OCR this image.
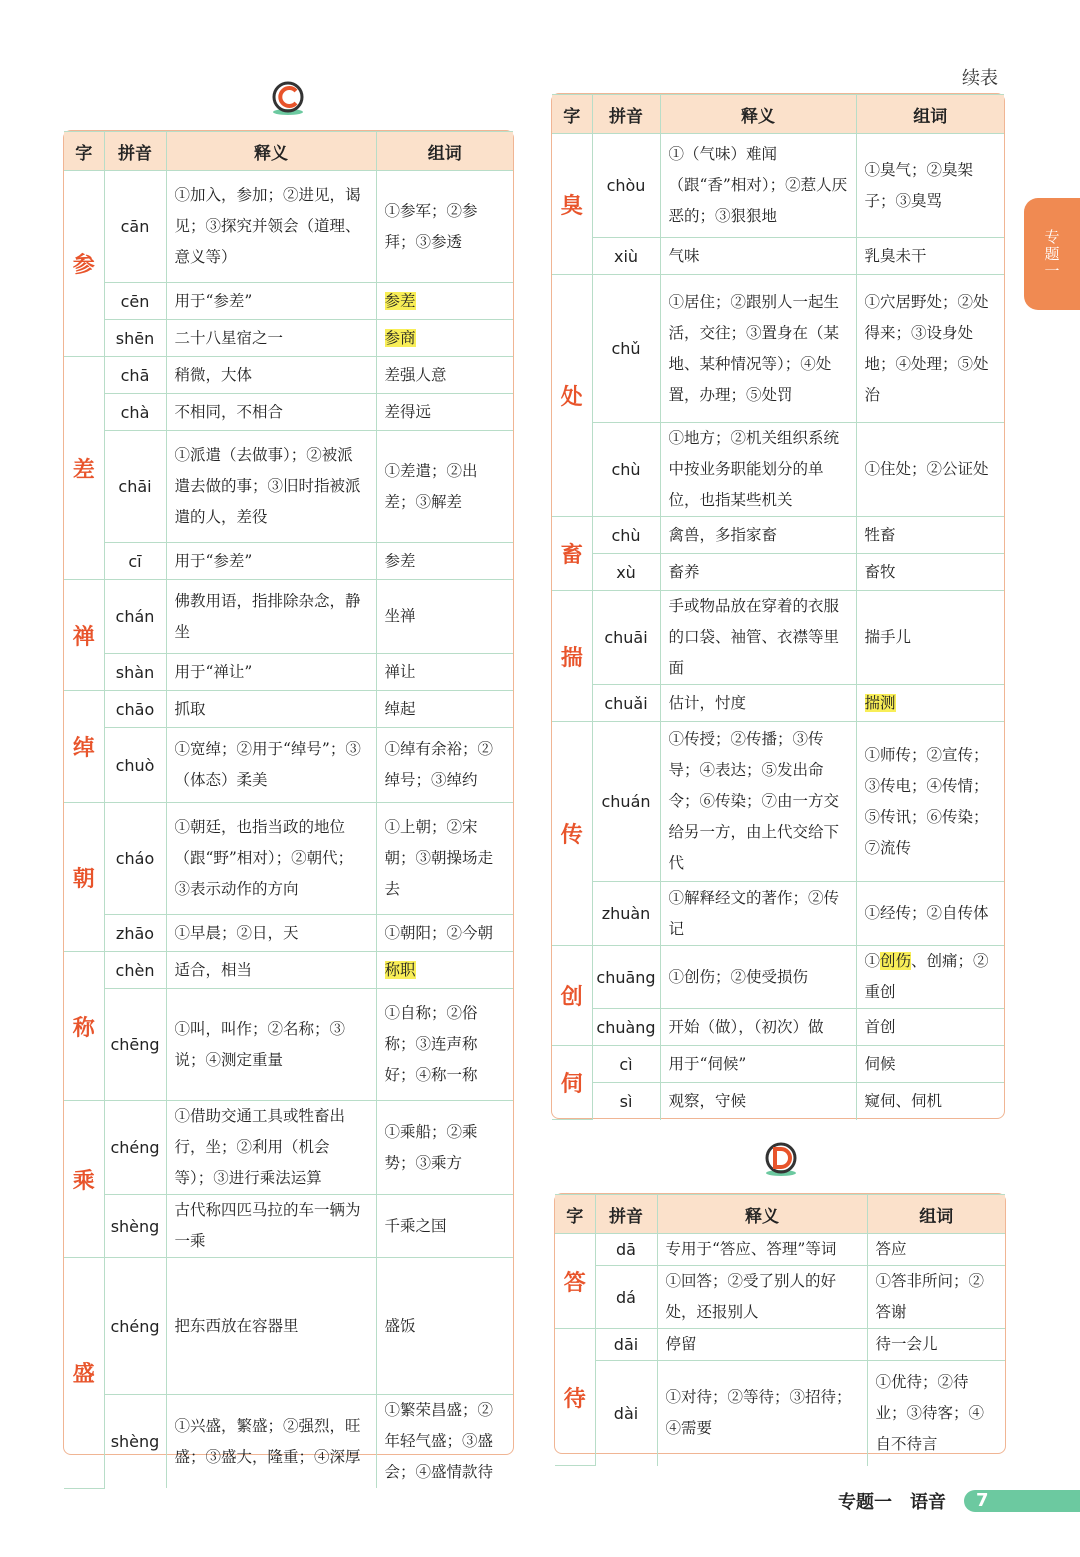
续表
专题一
字	拼音	释义	组词
参	cān	①加入，参加；②进见，谒见；③探究并领会（道理、意义等）	①参军；②参拜；③参透
	cēn	用于“参差”	参差
	shēn	二十八星宿之一	参商
差	chā	稍微，大体	差强人意
	chà	不相同，不相合	差得远
	chāi	①派遣（去做事）；②被派遣去做的事；③旧时指被派遣的人，差役	①差遣；②出差；③解差
	cī	用于“参差”	参差
禅	chán	佛教用语，指排除杂念，静坐	坐禅
	shàn	用于“禅让”	禅让
绰	chāo	抓取	绰起
	chuò	①宽绰；②用于“绰号”；③（体态）柔美	①绰有余裕；②绰号；③绰约
朝	cháo	①朝廷，也指当政的地位（跟“野”相对）；②朝代；③表示动作的方向	①上朝；②宋朝；③朝操场走去
	zhāo	①早晨；②日，天	①朝阳；②今朝
称	chèn	适合，相当	称职
	chēng	①叫，叫作；②名称；③说；④测定重量	①自称；②俗称；③连声称好；④称一称
乘	chéng	①借助交通工具或牲畜出行，坐；②利用（机会等）；③进行乘法运算	①乘船；②乘势；③乘方
	shèng	古代称四匹马拉的车一辆为一乘	千乘之国
盛	chéng	把东西放在容器里	盛饭
	shèng	①兴盛，繁盛；②强烈，旺盛；③盛大，隆重；④深厚	①繁荣昌盛；②年轻气盛；③盛会；④盛情款待
字	拼音	释义	组词
臭	chòu	①（气味）难闻（跟“香”相对）；②惹人厌恶的；③狠狠地	①臭气；②臭架子；③臭骂
	xiù	气味	乳臭未干
处	chǔ	①居住；②跟别人一起生活，交往；③置身在（某地、某种情况等）；④处置，办理；⑤处罚	①穴居野处；②处得来；③设身处地；④处理；⑤处治
	chù	①地方；②机关组织系统中按业务职能划分的单位，也指某些机关	①住处；②公证处
畜	chù	禽兽，多指家畜	牲畜
	xù	畜养	畜牧
揣	chuāi	手或物品放在穿着的衣服的口袋、袖管、衣襟等里面	揣手儿
	chuǎi	估计，忖度	揣测
传	chuán	①传授；②传播；③传导；④表达；⑤发出命令；⑥传染；⑦由一方交给另一方，由上代交给下代	①师传；②宣传；③传电；④传情；⑤传讯；⑥传染；⑦流传
	zhuàn	①解释经文的著作；②传记	①经传；②自传体
创	chuāng	①创伤；②使受损伤	①创伤、创痛；②重创
	chuàng	开始（做），（初次）做	首创
伺	cì	用于“伺候”	伺候
	sì	观察，守候	窥伺、伺机
字	拼音	释义	组词
答	dā	专用于“答应、答理”等词	答应
	dá	①回答；②受了别人的好处，还报别人	①答非所问；②答谢
待	dāi	停留	待一会儿
	dài	①对待；②等待；③招待；④需要	①优待；②待业；③待客；④自不待言
专题一 语音	7
